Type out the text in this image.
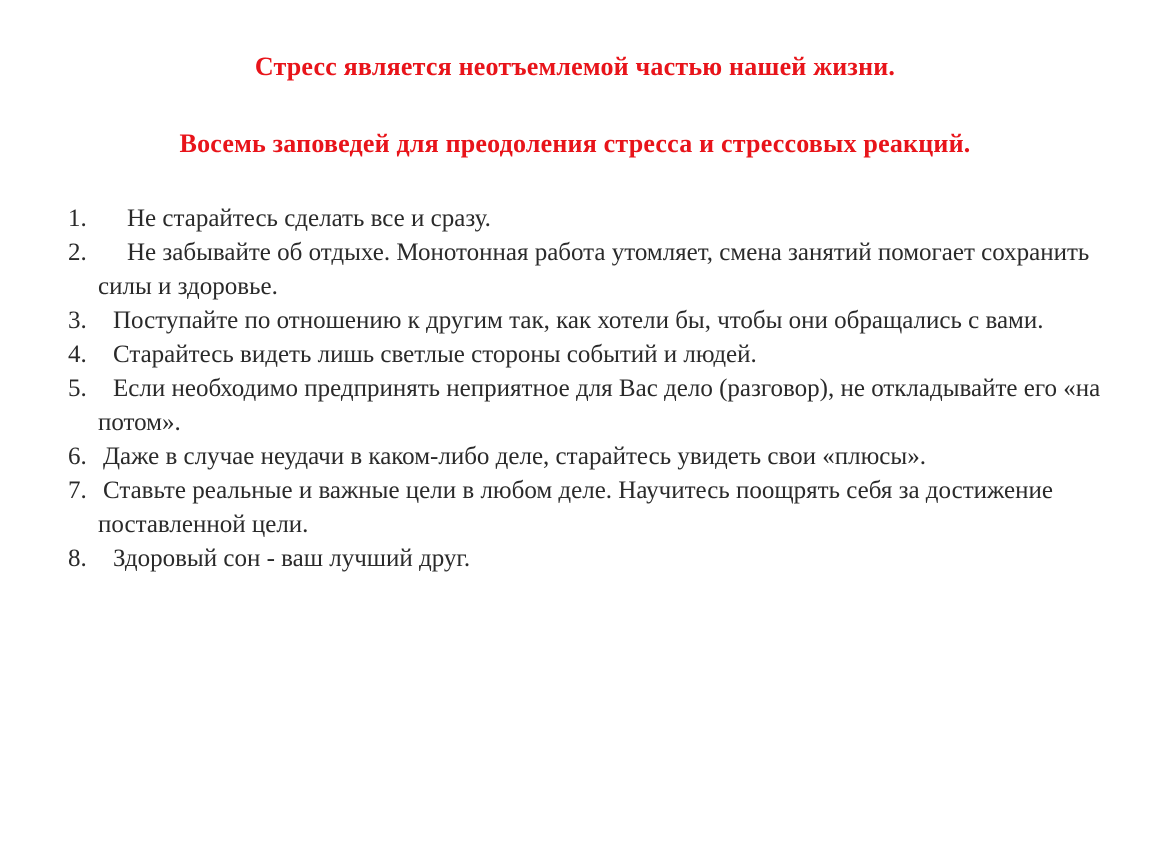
Стресс является неотъемлемой частью нашей жизни.
Восемь заповедей для преодоления стресса и стрессовых реакций.
1.	Не старайтесь сделать все и сразу.
2.	Не забывайте об отдыхе. Монотонная работа утомляет, смена занятий помогает сохранить силы и здоровье.
3.	Поступайте по отношению к другим так, как хотели бы, чтобы они обращались с вами.
4.	Старайтесь видеть лишь светлые стороны событий и людей.
5.	Если необходимо предпринять неприятное для Вас дело (разговор), не откладывайте его «на потом».
6. Даже в случае неудачи в каком-либо деле, старайтесь увидеть свои «плюсы».
7. Ставьте реальные и важные цели в любом деле. Научитесь поощрять себя за достижение поставленной цели.
8.	Здоровый сон - ваш лучший друг.
